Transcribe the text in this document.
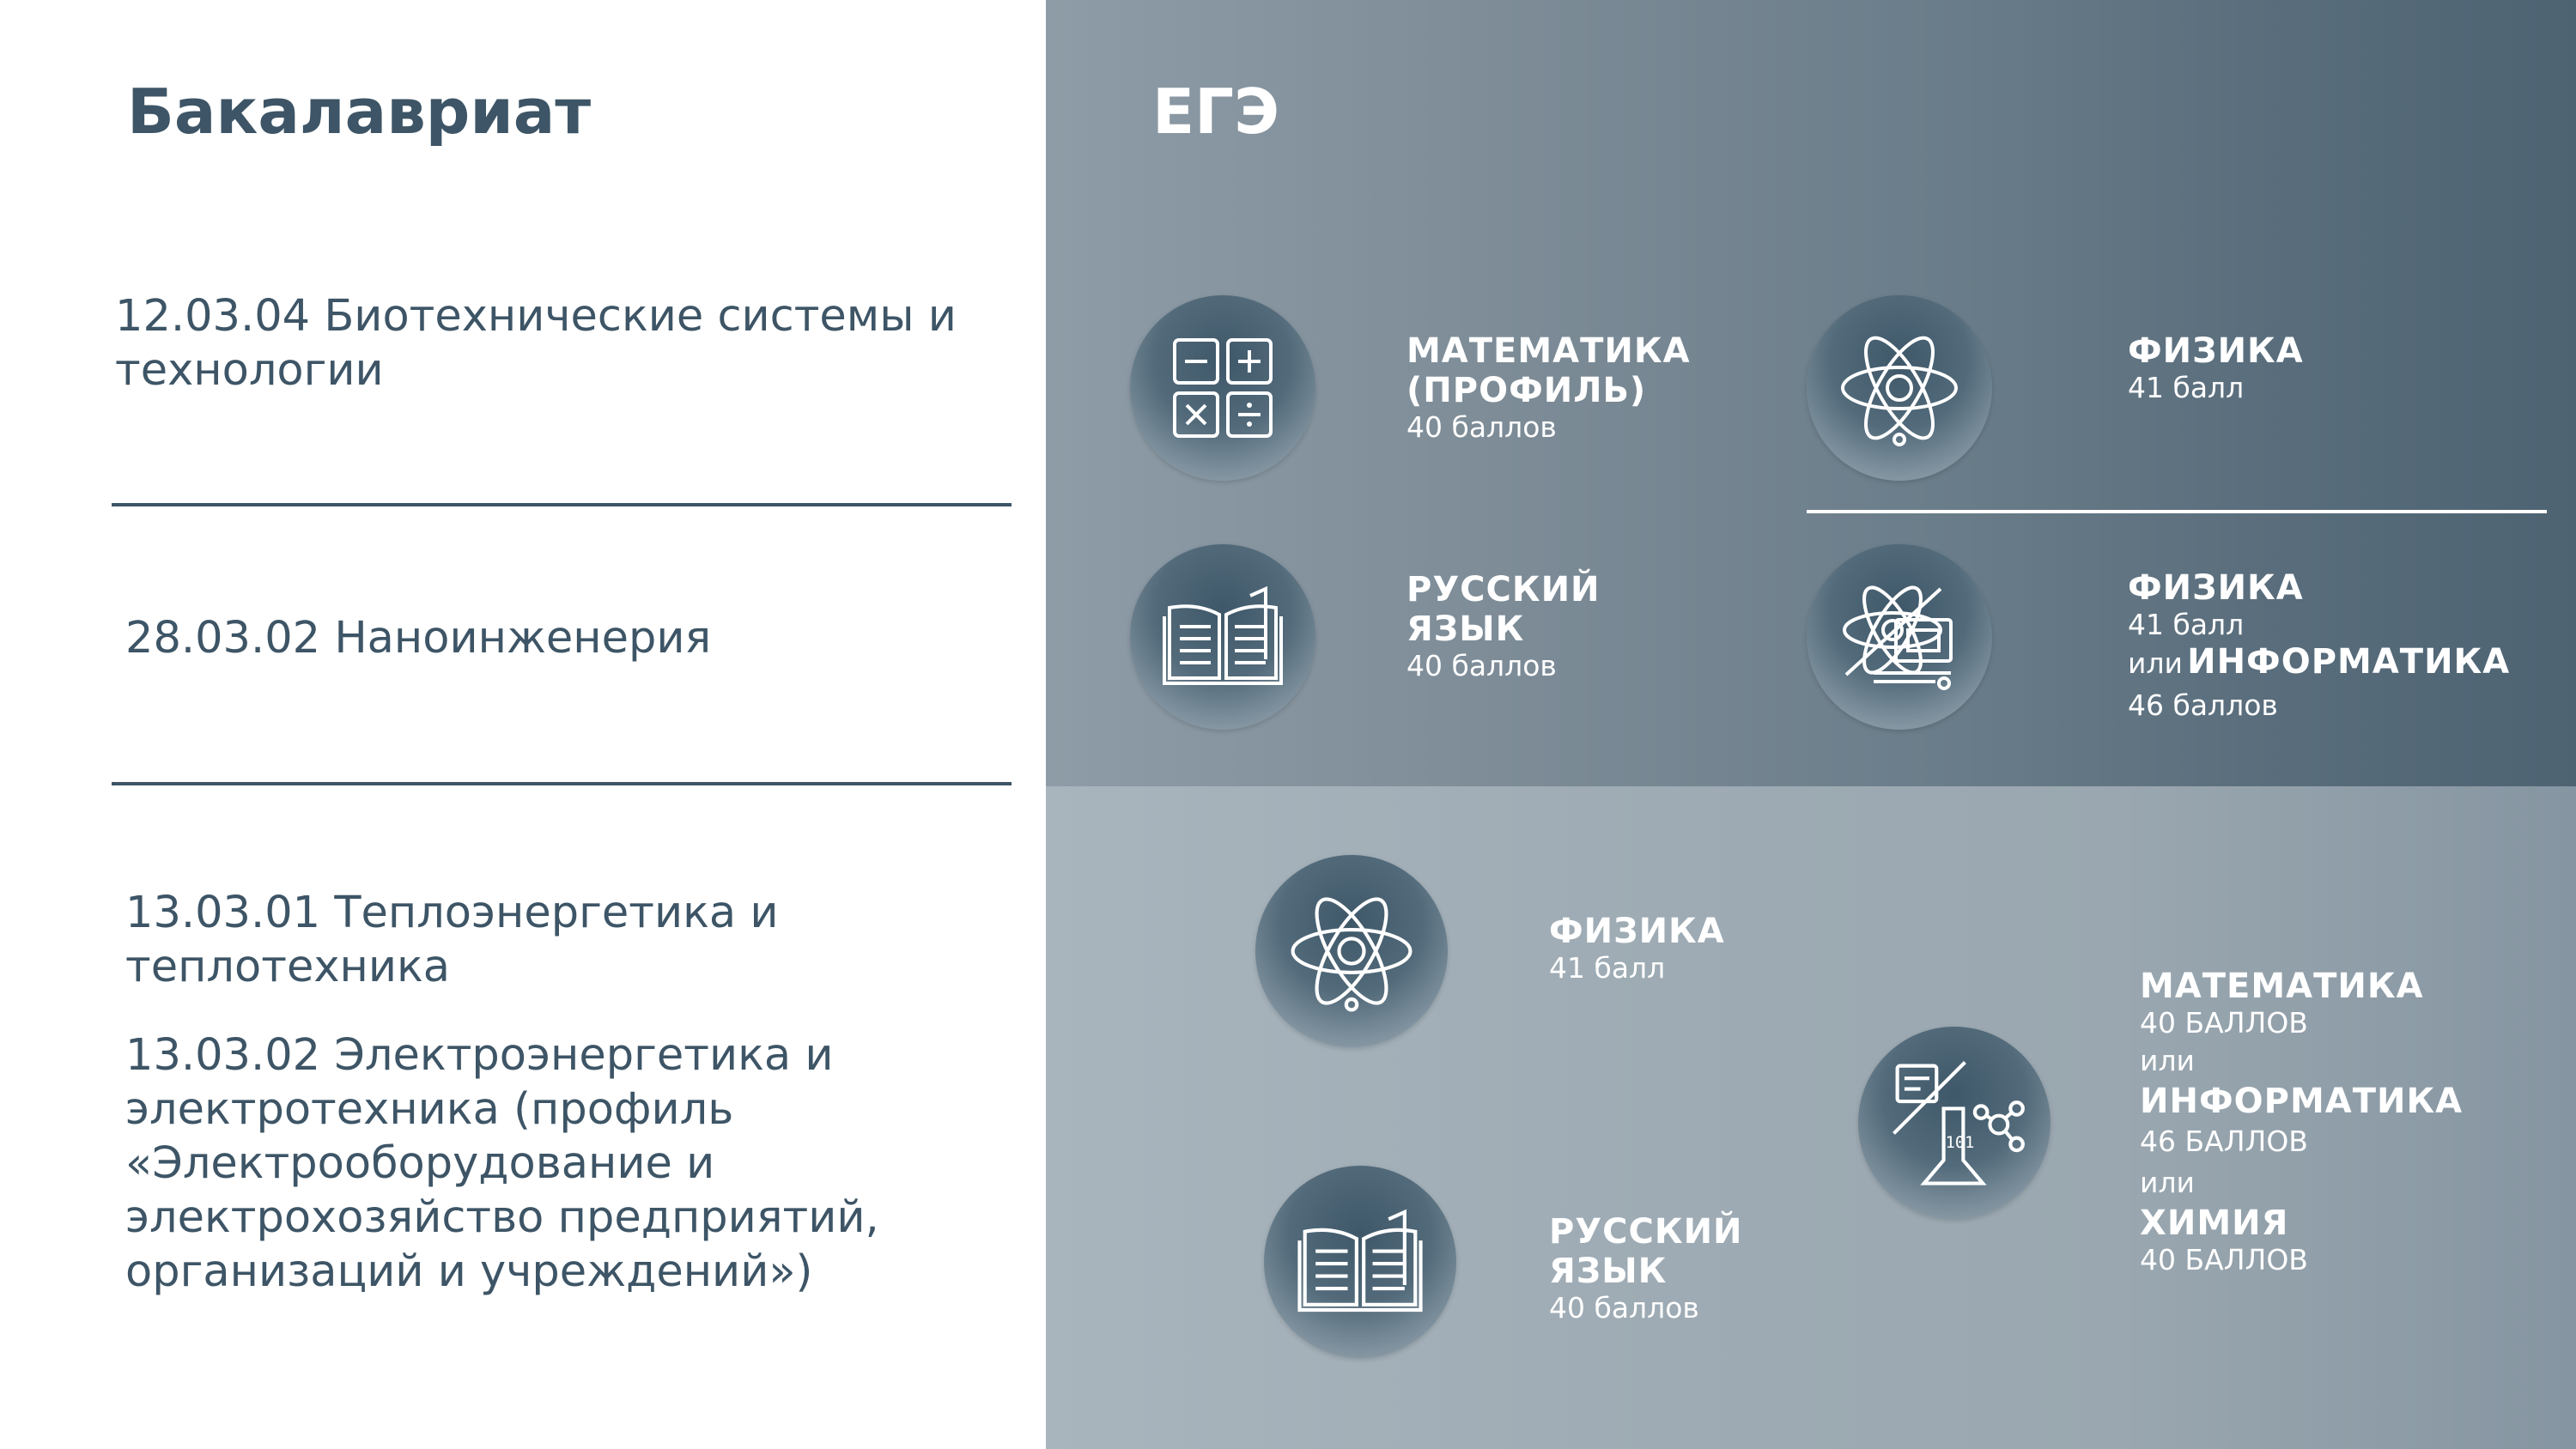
Бакалавриат
12.03.04 Биотехнические системы и
технологии
28.03.02 Наноинженерия
13.03.01 Теплоэнергетика и
теплотехника
13.03.02 Электроэнергетика и
электротехника (профиль
«Электрооборудование и
электрохозяйство предприятий,
организаций и учреждений»)
ЕГЭ
МАТЕМАТИКА
(ПРОФИЛЬ)
40 баллов
ФИЗИКА
41 балл
РУССКИЙ
ЯЗЫК
40 баллов
ФИЗИКА
41 балл
или ИНФОРМАТИКА
46 баллов
ФИЗИКА
41 балл
РУССКИЙ
ЯЗЫК
40 баллов
101
МАТЕМАТИКА
40 БАЛЛОВ
или
ИНФОРМАТИКА
46 БАЛЛОВ
или
ХИМИЯ
40 БАЛЛОВ
